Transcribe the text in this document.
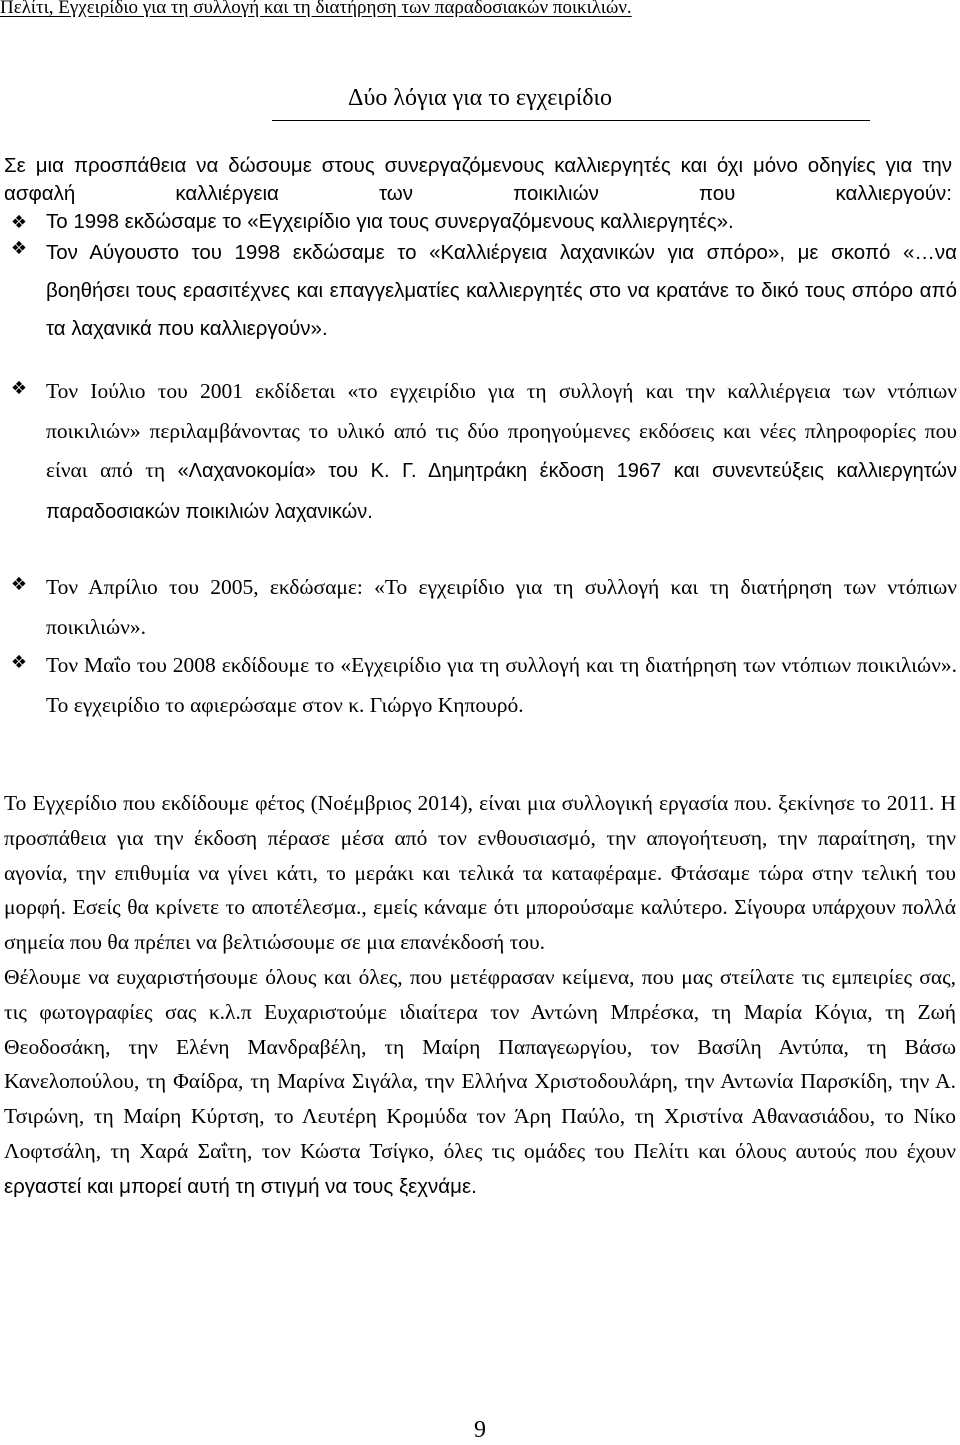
Πελίτι, Εγχειρίδιο για τη συλλογή και τη διατήρηση των παραδοσιακών ποικιλιών.
Δύο λόγια για το εγχειρίδιο

Σε μια προσπάθεια να δώσουμε στους συνεργαζόμενους καλλιεργητές και όχι μόνο οδηγίες για την ασφαλή καλλιέργεια των ποικιλιών που καλλιεργούν:

❖ Το 1998 εκδώσαμε το «Εγχειρίδιο για τους συνεργαζόμενους καλλιεργητές».
❖ Τον Αύγουστο του 1998 εκδώσαμε το «Καλλιέργεια λαχανικών για σπόρο», με σκοπό «…να βοηθήσει τους ερασιτέχνες και επαγγελματίες καλλιεργητές στο να κρατάνε το δικό τους σπόρο από τα λαχανικά που καλλιεργούν».
❖ Τον Ιούλιο του 2001 εκδίδεται «το εγχειρίδιο για τη συλλογή και την καλλιέργεια των ντόπιων ποικιλιών» περιλαμβάνοντας το υλικό από τις δύο προηγούμενες εκδόσεις και νέες πληροφορίες που είναι από τη «Λαχανοκομία» του Κ. Γ. Δημητράκη έκδοση 1967 και συνεντεύξεις καλλιεργητών παραδοσιακών ποικιλιών λαχανικών.
❖ Τον Απρίλιο του 2005, εκδώσαμε: «Το εγχειρίδιο για τη συλλογή και τη διατήρηση των ντόπιων ποικιλιών».
❖ Τον Μαΐο του 2008 εκδίδουμε το «Εγχειρίδιο για τη συλλογή και τη διατήρηση των ντόπιων ποικιλιών». Το εγχειρίδιο το αφιερώσαμε στον κ. Γιώργο Κηπουρό.

Το Εγχερίδιο που εκδίδουμε φέτος (Νοέμβριος 2014), είναι μια συλλογική εργασία που. ξεκίνησε το 2011. Η προσπάθεια για την έκδοση πέρασε μέσα από τον ενθουσιασμό, την απογοήτευση, την παραίτηση, την αγονία, την επιθυμία να γίνει κάτι, το μεράκι και τελικά τα καταφέραμε. Φτάσαμε τώρα στην τελική του μορφή. Εσείς θα κρίνετε το αποτέλεσμα., εμείς κάναμε ότι μπορούσαμε καλύτερο. Σίγουρα υπάρχουν πολλά σημεία που θα πρέπει να βελτιώσουμε σε μια επανέκδοσή του.

Θέλουμε να ευχαριστήσουμε όλους και όλες, που μετέφρασαν κείμενα, που μας στείλατε τις εμπειρίες σας, τις φωτογραφίες σας κ.λ.π Ευχαριστούμε ιδιαίτερα τον Αντώνη Μπρέσκα, τη Μαρία Κόγια, τη Ζωή Θεοδοσάκη, την Ελένη Μανδραβέλη, τη Μαίρη Παπαγεωργίου, τον Βασίλη Αντύπα, τη Βάσω Κανελοπούλου, τη Φαίδρα, τη Μαρίνα Σιγάλα, την Ελλήνα Χριστοδουλάρη, την Αντωνία Παρσκίδη, την Α. Τσιρώνη, τη Μαίρη Κύρτση, το Λευτέρη Κρομύδα τον Άρη Παύλο, τη Χριστίνα Αθανασιάδου, το Νίκο Λοφτσάλη, τη Χαρά Σαΐτη, τον Κώστα Τσίγκο, όλες τις ομάδες του Πελίτι και όλους αυτούς που έχουν εργαστεί και μπορεί αυτή τη στιγμή να τους ξεχνάμε.

9
